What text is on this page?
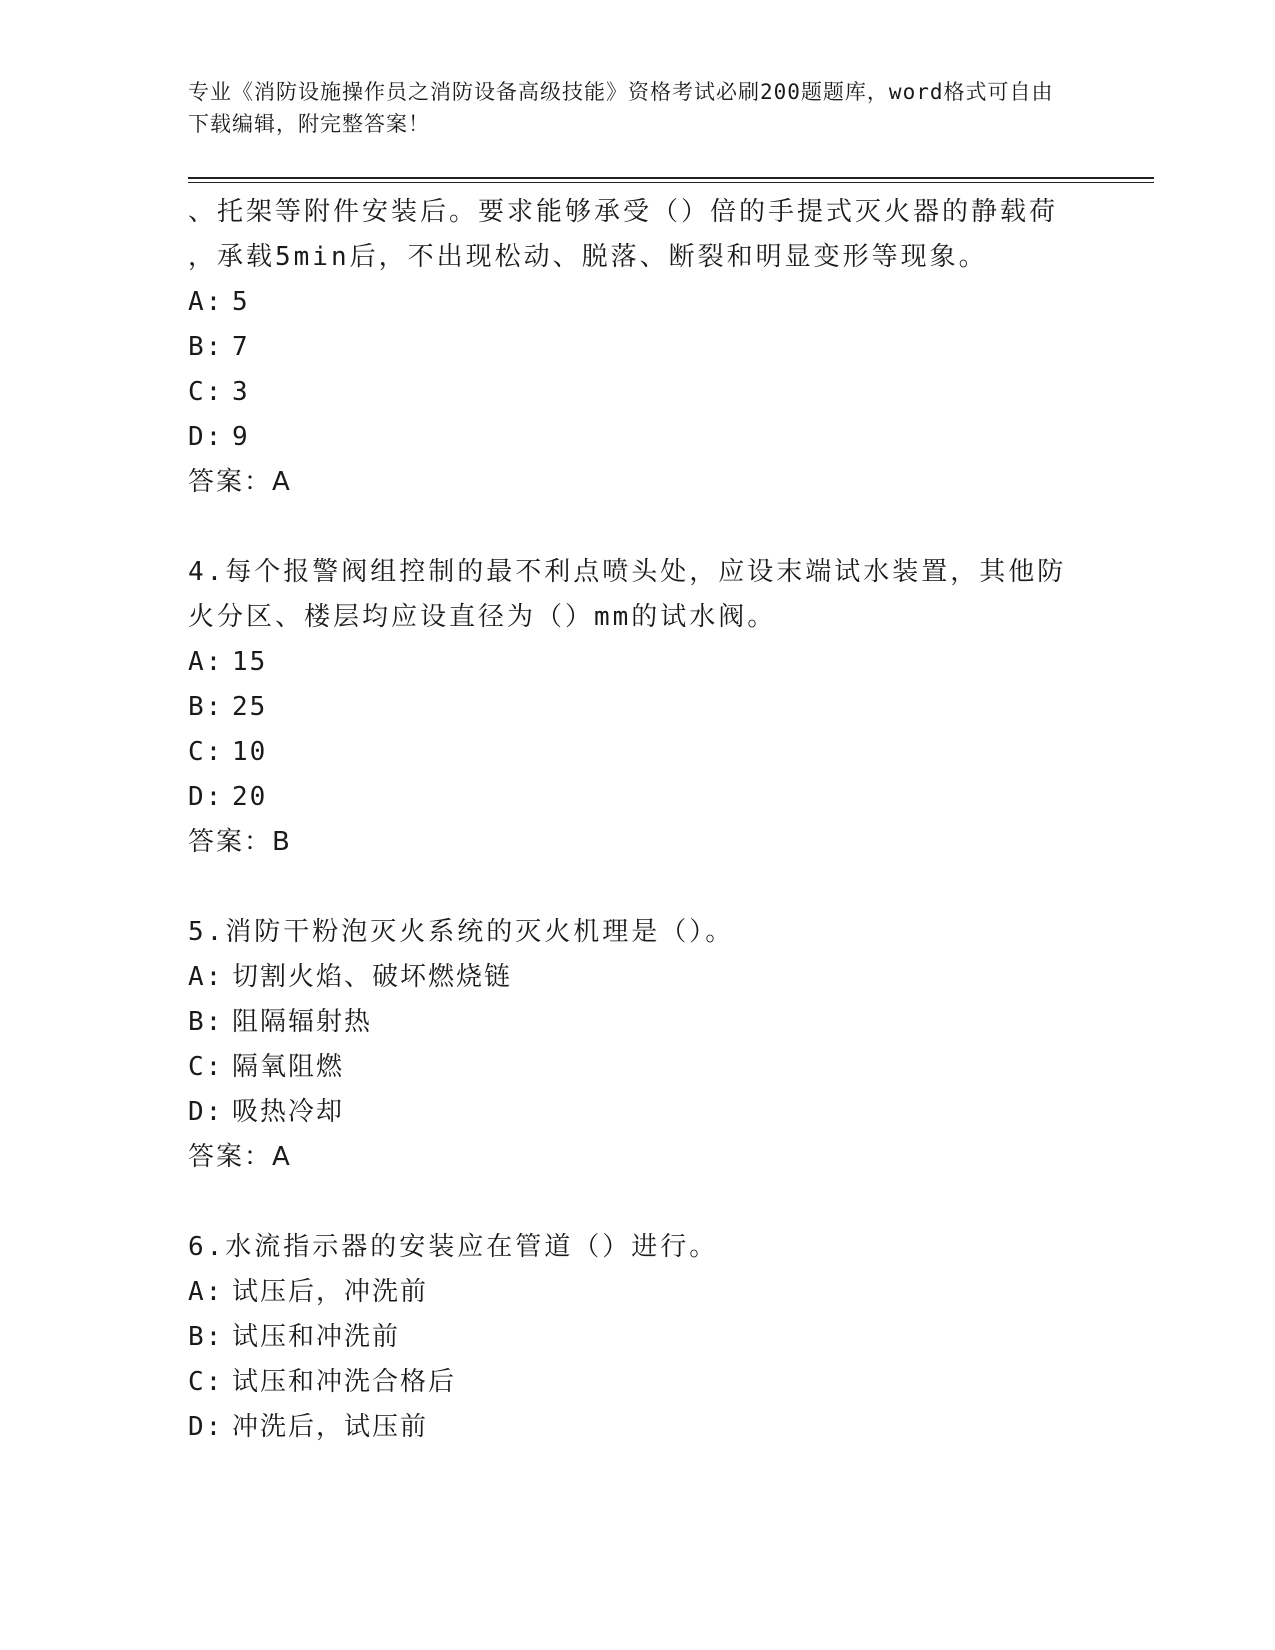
专业《消防设施操作员之消防设备高级技能》资格考试必刷200题题库，word格式可自由下载编辑，附完整答案！

、托架等附件安装后。要求能够承受（）倍的手提式灭火器的静载荷

，承载5min后，不出现松动、脱落、断裂和明显变形等现象。

A: 5

B: 7

C: 3

D: 9

答案：A

4.每个报警阀组控制的最不利点喷头处，应设末端试水装置，其他防

火分区、楼层均应设直径为（）mm的试水阀。

A: 15

B: 25

C: 10

D: 20

答案：B

5.消防干粉泡灭火系统的灭火机理是（）。

A: 切割火焰、破坏燃烧链

B: 阻隔辐射热

C: 隔氧阻燃

D: 吸热冷却

答案：A

6.水流指示器的安装应在管道（）进行。

A: 试压后，冲洗前

B: 试压和冲洗前

C: 试压和冲洗合格后

D: 冲洗后，试压前
